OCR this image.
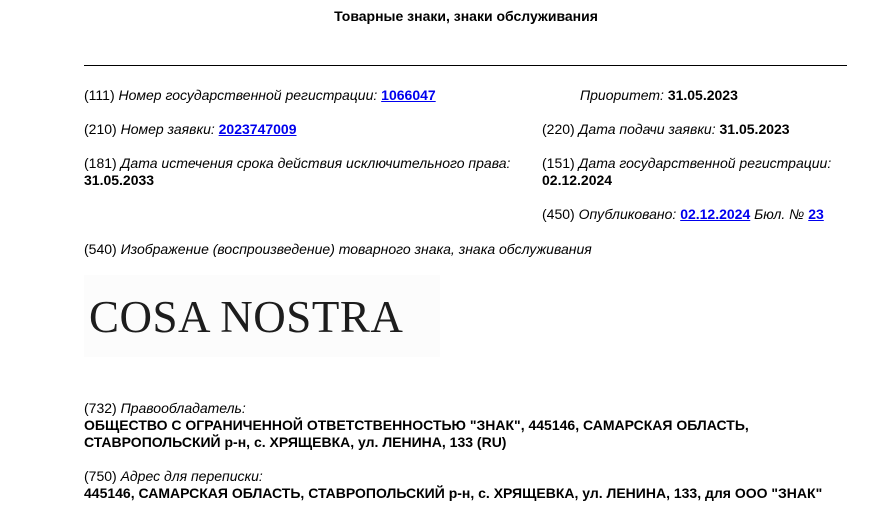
Товарные знаки, знаки обслуживания
(111) Номер государственной регистрации: 1066047	Приоритет: 31.05.2023
(210) Номер заявки: 2023747009	(220) Дата подачи заявки: 31.05.2023
(181) Дата истечения срока действия исключительного права:
31.05.2033
(151) Дата государственной регистрации:
02.12.2024
(450) Опубликовано: 02.12.2024 Бюл. № 23
(540) Изображение (воспроизведение) товарного знака, знака обслуживания
COSA NOSTRA
(732) Правообладатель:
ОБЩЕСТВО С ОГРАНИЧЕННОЙ ОТВЕТСТВЕННОСТЬЮ "ЗНАК", 445146, САМАРСКАЯ ОБЛАСТЬ,
СТАВРОПОЛЬСКИЙ р-н, с. ХРЯЩЕВКА, ул. ЛЕНИНА, 133 (RU)
(750) Адрес для переписки:
445146, САМАРСКАЯ ОБЛАСТЬ, СТАВРОПОЛЬСКИЙ р-н, с. ХРЯЩЕВКА, ул. ЛЕНИНА, 133, для ООО "ЗНАК"
